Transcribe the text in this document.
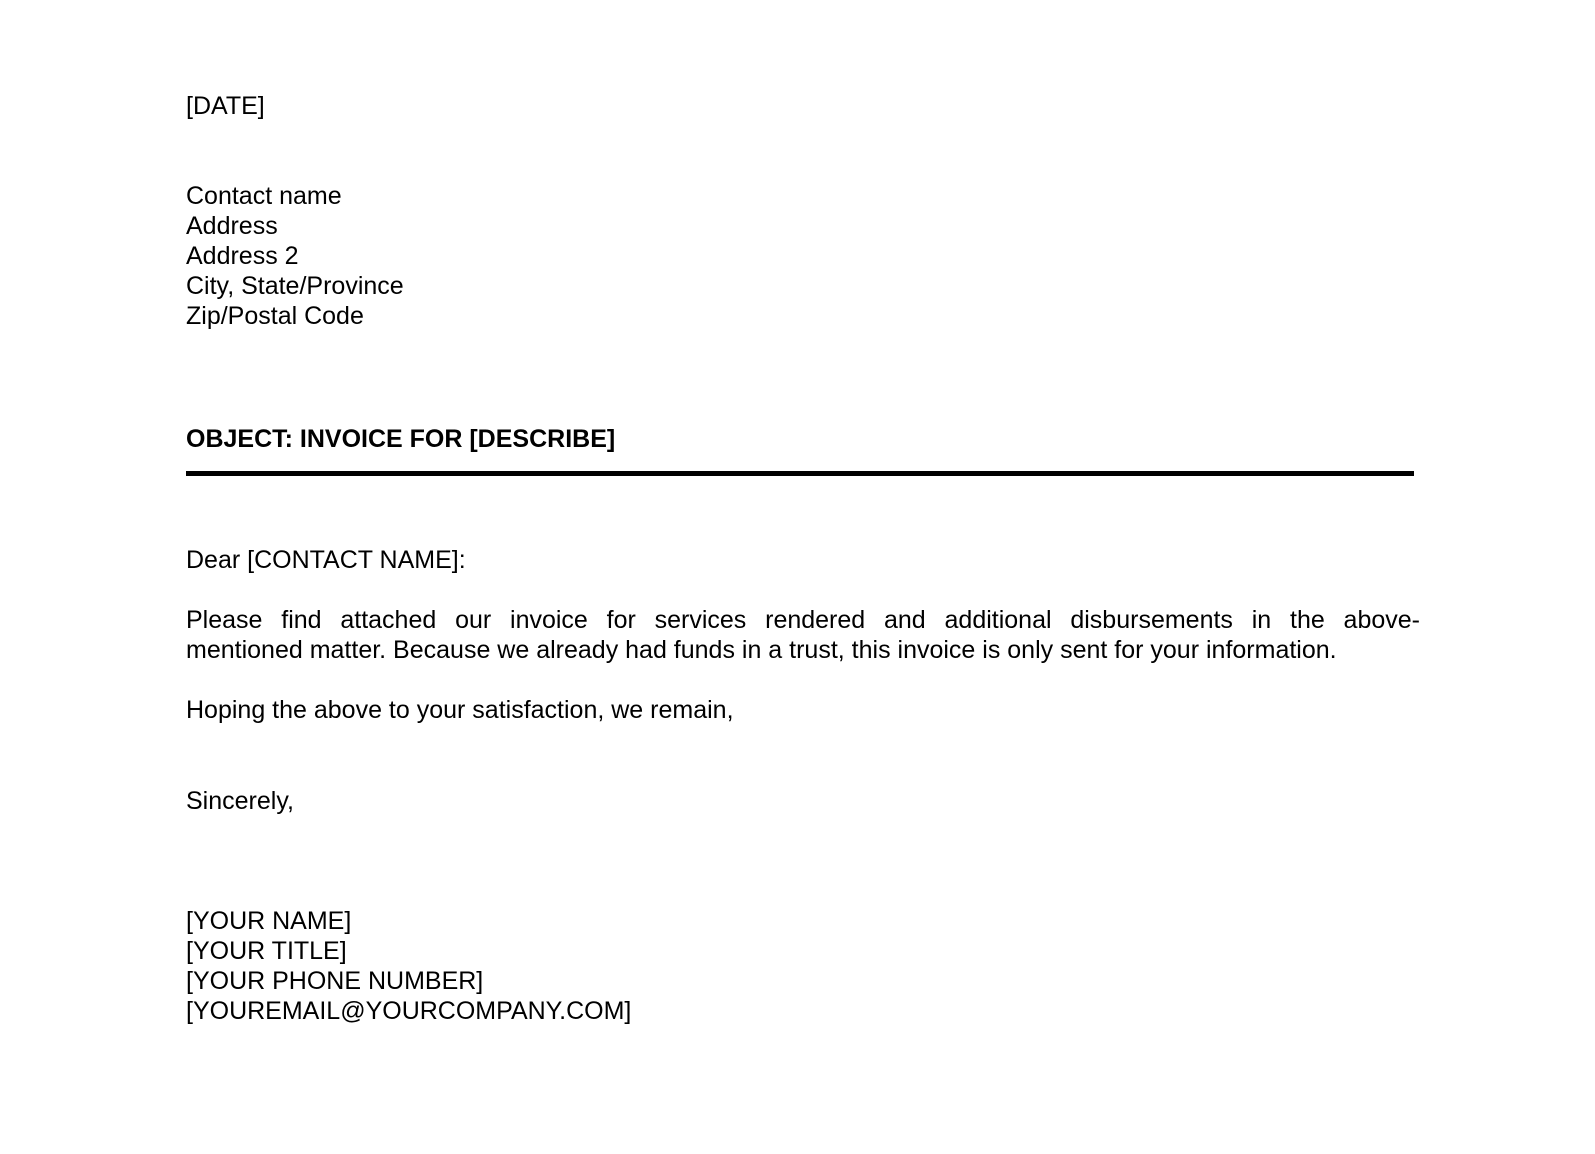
[DATE]
Contact name
Address
Address 2
City, State/Province
Zip/Postal Code
OBJECT: INVOICE FOR [DESCRIBE]
Dear [CONTACT NAME]:
Please find attached our invoice for services rendered and additional disbursements in the above-
mentioned matter. Because we already had funds in a trust, this invoice is only sent for your information.
Hoping the above to your satisfaction, we remain,
Sincerely,
[YOUR NAME]
[YOUR TITLE]
[YOUR PHONE NUMBER]
[YOUREMAIL@YOURCOMPANY.COM]
